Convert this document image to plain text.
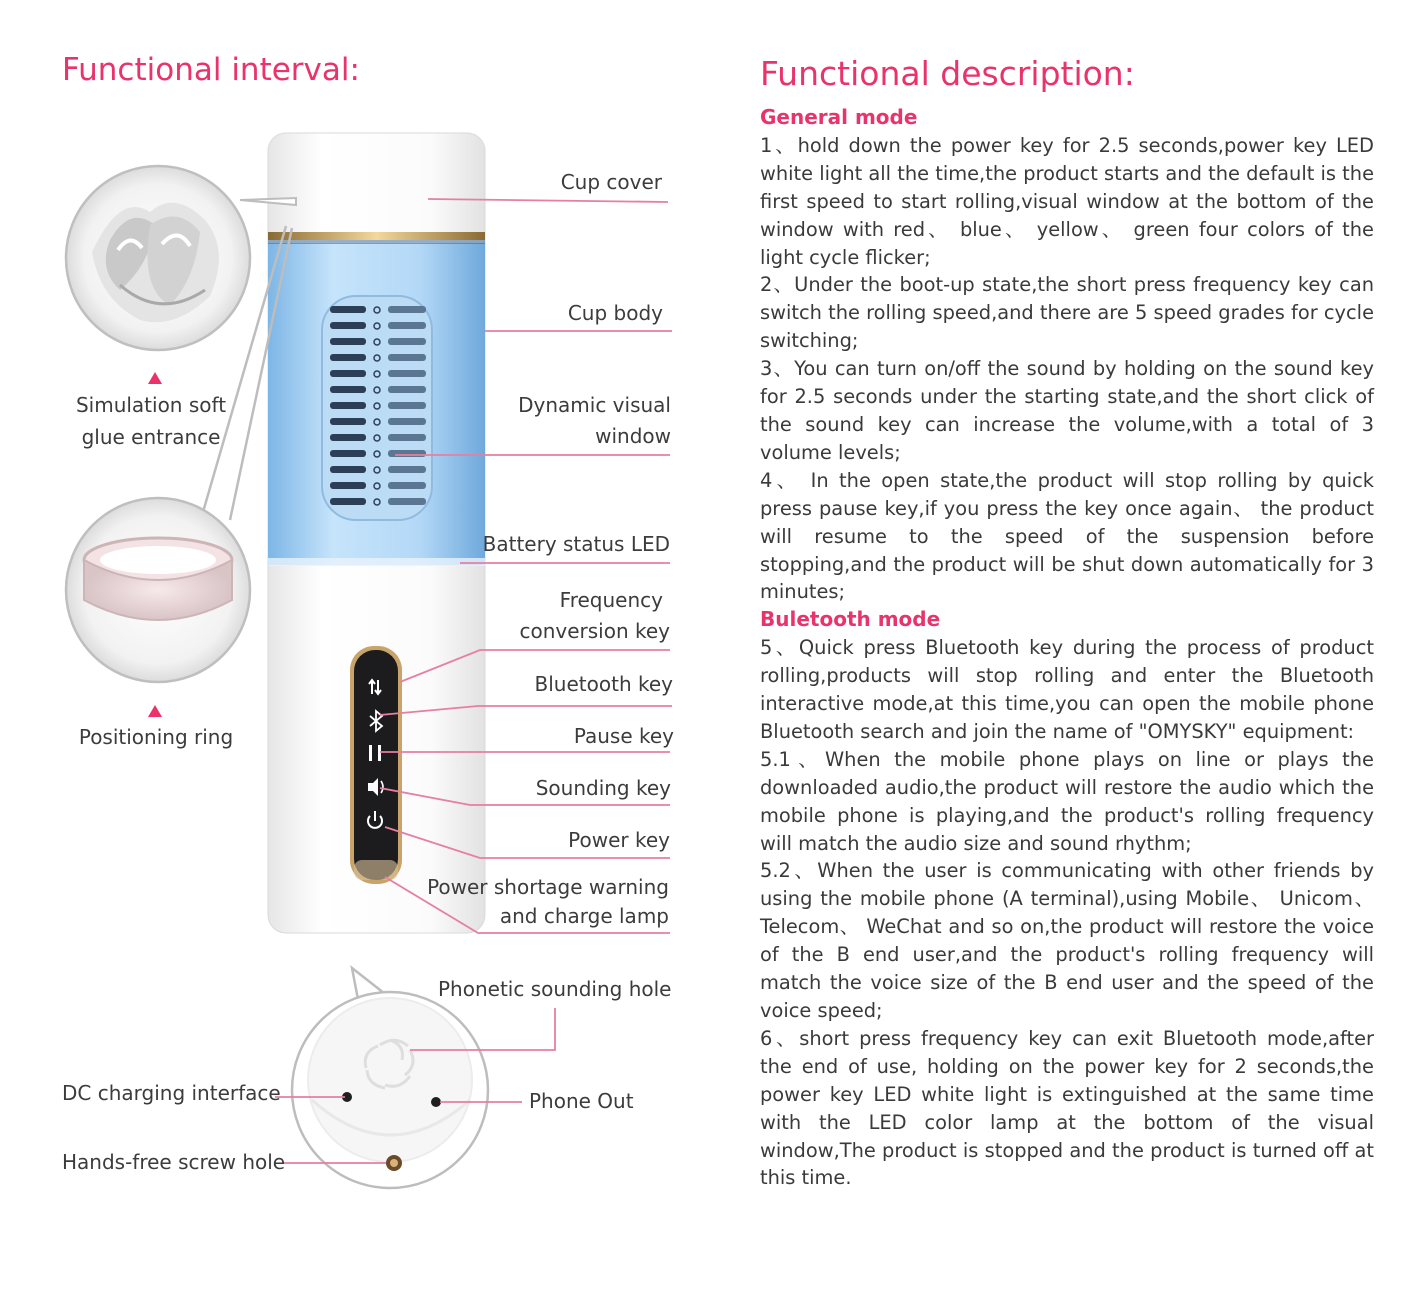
Functional interval:
Cup cover
Cup body
Dynamic visual
window
Battery status LED
Frequency
conversion key
Bluetooth key
Pause key
Sounding key
Power key
Power shortage warning
and charge lamp
Simulation soft
glue entrance
Positioning ring
Phonetic sounding hole
DC charging interface	Phone Out
Hands-free screw hole
Functional description:
General mode

1、hold down the power key for 2.5 seconds,power key LED white light all the time,the product starts and the default is the first speed to start rolling,visual window at the bottom of the window with red、 blue、 yellow、 green four colors of the light cycle flicker;

2、Under the boot-up state,the short press frequency key can switch the rolling speed,and there are 5 speed grades for cycle switching;

3、You can turn on/off the sound by holding on the sound key for 2.5 seconds under the starting state,and the short click of the sound key can increase the volume,with a total of 3 volume levels;

4、 In the open state,the product will stop rolling by quick press pause key,if you press the key once again、 the product will resume to the speed of the suspension before stopping,and the product will be shut down automatically for 3 minutes;

Buletooth mode

5、Quick press Bluetooth key during the process of product rolling,products will stop rolling and enter the Bluetooth interactive mode,at this time,you can open the mobile phone Bluetooth search and join the name of "OMYSKY" equipment:

5.1、When the mobile phone plays on line or plays the downloaded audio,the product will restore the audio which the mobile phone is playing,and the product's rolling frequency will match the audio size and sound rhythm;

5.2、When the user is communicating with other friends by using the mobile phone (A terminal),using Mobile、 Unicom、 Telecom、 WeChat and so on,the product will restore the voice of the B end user,and the product's rolling frequency will match the voice size of the B end user and the speed of the voice speed;

6、short press frequency key can exit Bluetooth mode,after the end of use, holding on the power key for 2 seconds,the power key LED white light is extinguished at the same time with the LED color lamp at the bottom of the visual window,The product is stopped and the product is turned off at this time.
